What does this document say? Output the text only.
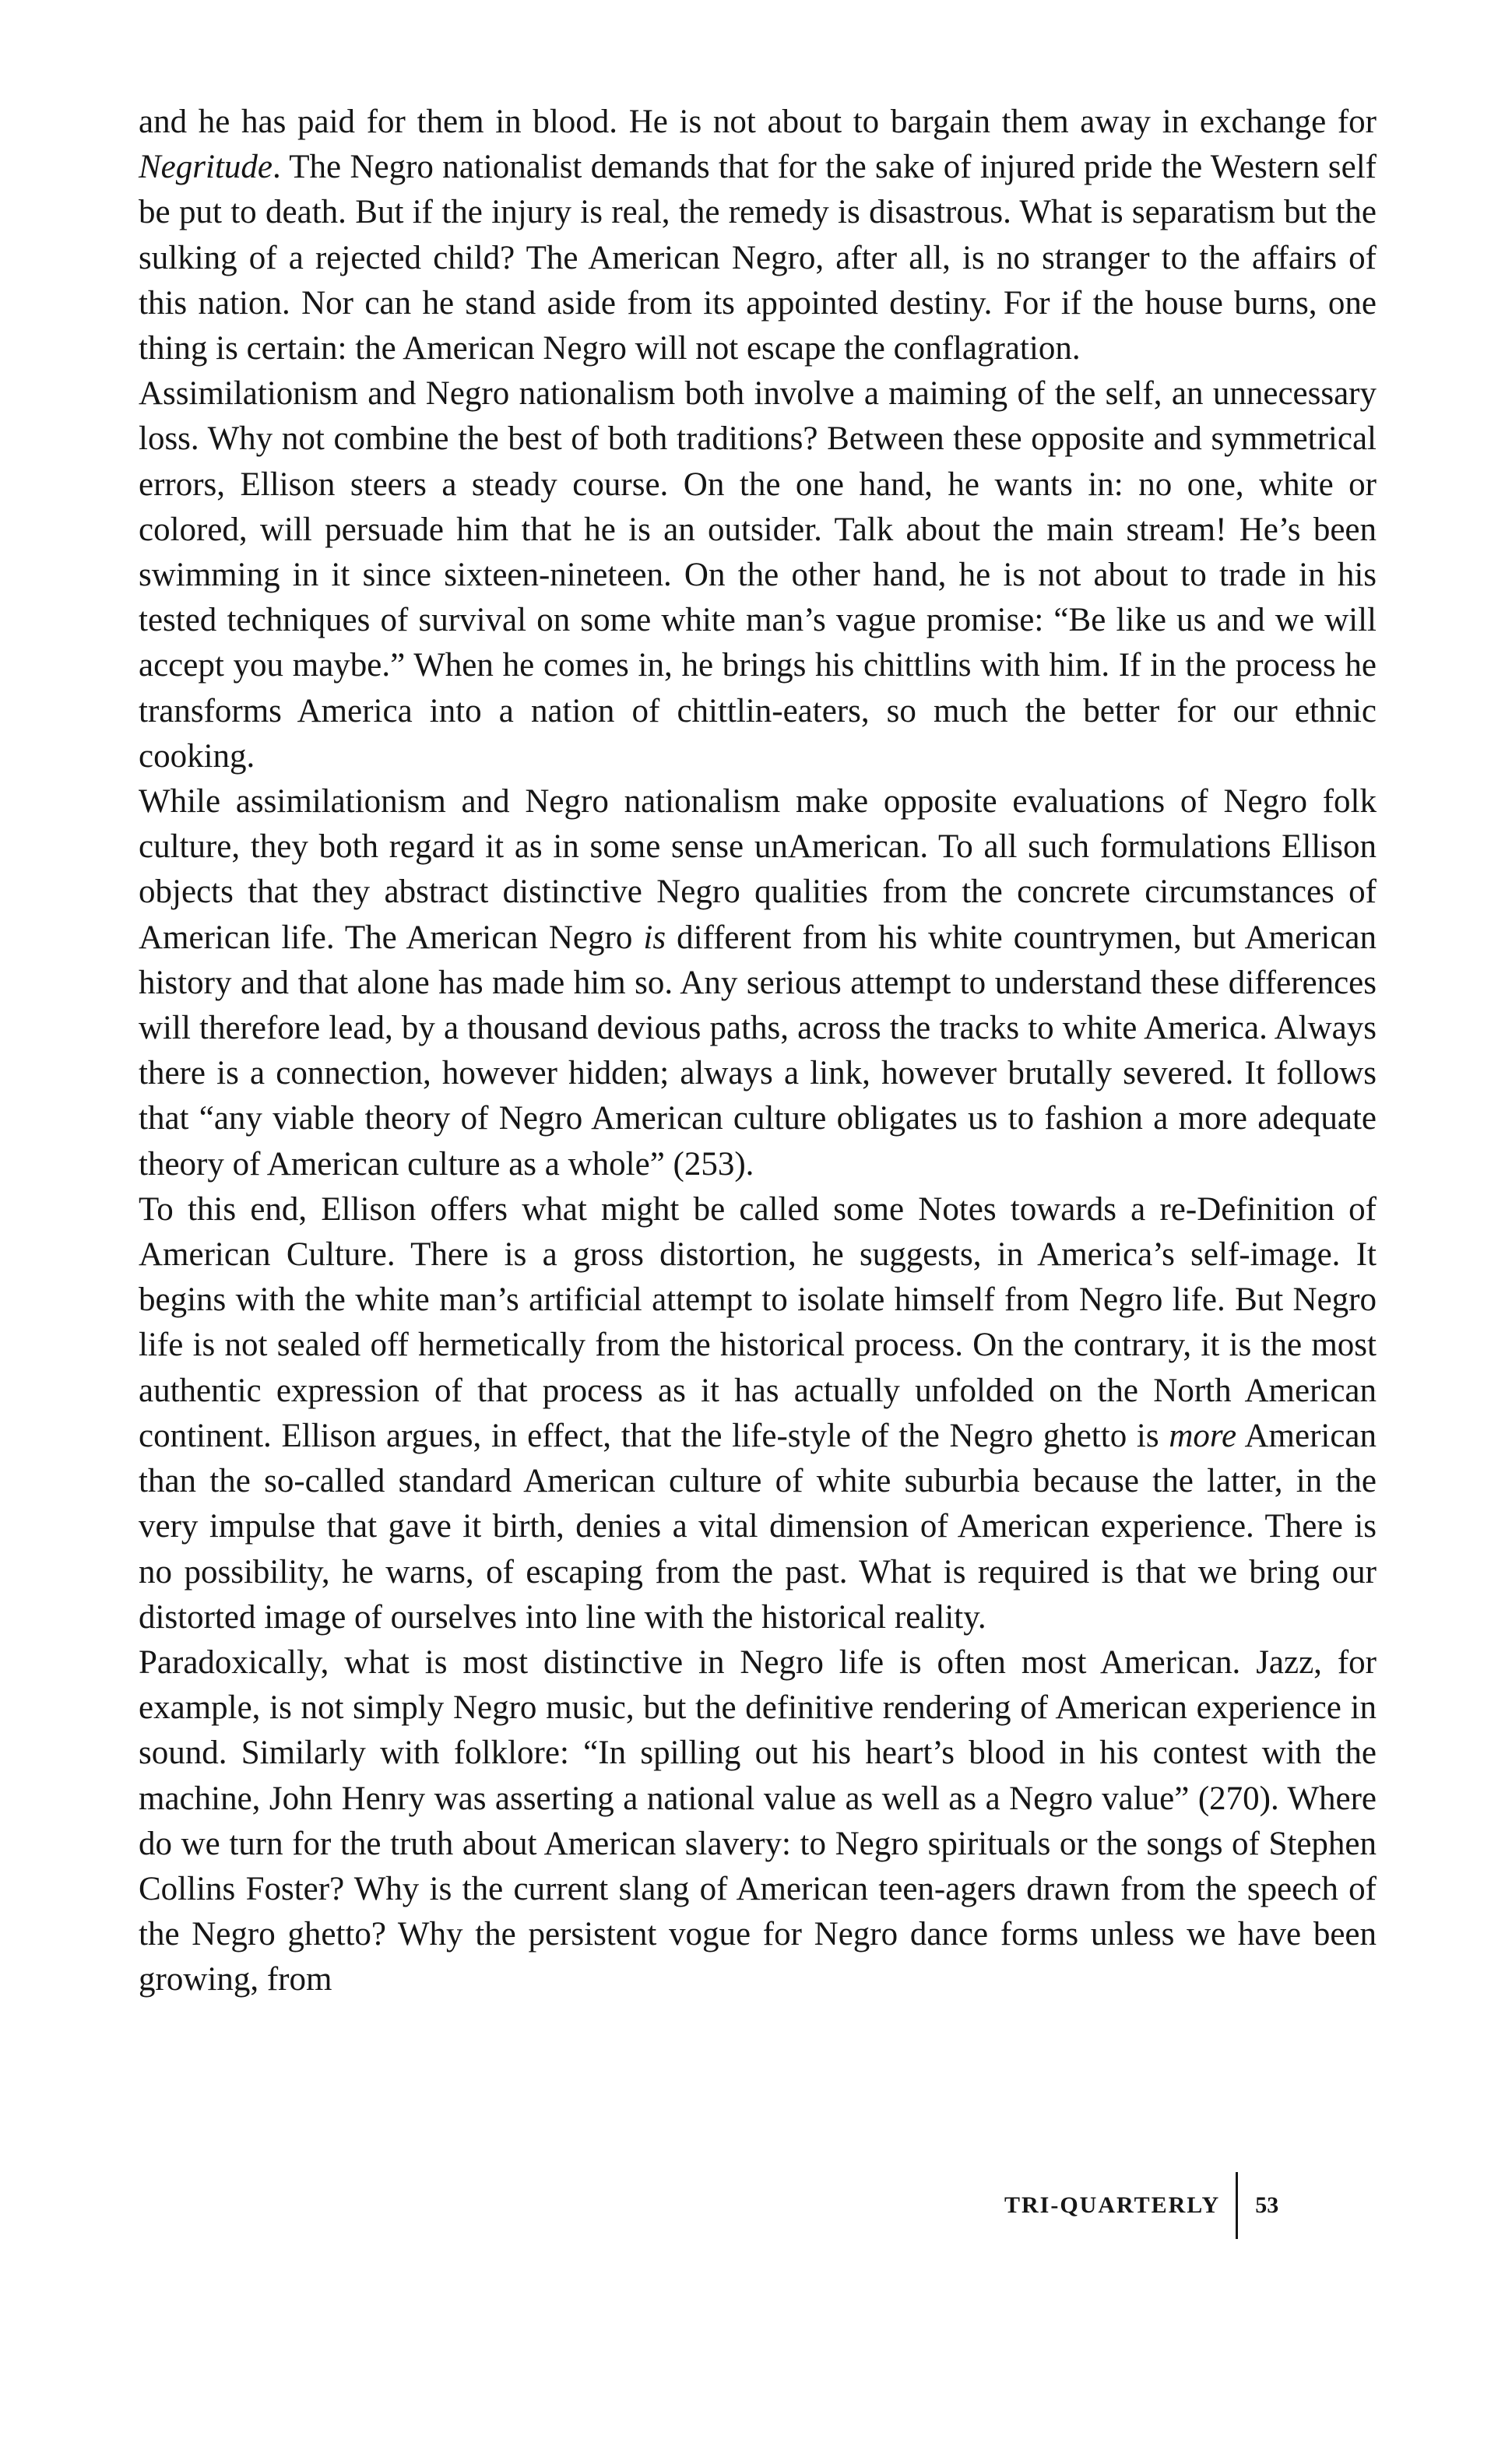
and he has paid for them in blood. He is not about to bargain them away in exchange for Negritude. The Negro nationalist demands that for the sake of injured pride the Western self be put to death. But if the injury is real, the remedy is disastrous. What is separatism but the sulking of a rejected child? The American Negro, after all, is no stranger to the affairs of this nation. Nor can he stand aside from its appointed destiny. For if the house burns, one thing is certain: the American Negro will not escape the conflagration.

Assimilationism and Negro nationalism both involve a maiming of the self, an unnecessary loss. Why not combine the best of both traditions? Between these opposite and symmetrical errors, Ellison steers a steady course. On the one hand, he wants in: no one, white or colored, will persuade him that he is an outsider. Talk about the main stream! He’s been swimming in it since sixteen-nineteen. On the other hand, he is not about to trade in his tested techniques of survival on some white man’s vague promise: “Be like us and we will accept you maybe.” When he comes in, he brings his chittlins with him. If in the process he transforms America into a nation of chittlin-eaters, so much the better for our ethnic cooking.

While assimilationism and Negro nationalism make opposite evaluations of Negro folk culture, they both regard it as in some sense unAmerican. To all such formulations Ellison objects that they abstract distinctive Negro qualities from the concrete circumstances of American life. The American Negro is different from his white countrymen, but American history and that alone has made him so. Any serious attempt to understand these differences will therefore lead, by a thousand devious paths, across the tracks to white America. Always there is a connection, however hidden; always a link, however brutally severed. It follows that “any viable theory of Negro American culture obligates us to fashion a more adequate theory of American culture as a whole” (253).

To this end, Ellison offers what might be called some Notes towards a re-Definition of American Culture. There is a gross distortion, he suggests, in America’s self-image. It begins with the white man’s artificial attempt to isolate himself from Negro life. But Negro life is not sealed off hermetically from the historical process. On the contrary, it is the most authentic expression of that process as it has actually unfolded on the North American continent. Ellison argues, in effect, that the life-style of the Negro ghetto is more American than the so-called standard American culture of white suburbia because the latter, in the very impulse that gave it birth, denies a vital dimension of American experience. There is no possibility, he warns, of escaping from the past. What is required is that we bring our distorted image of ourselves into line with the historical reality.

Paradoxically, what is most distinctive in Negro life is often most American. Jazz, for example, is not simply Negro music, but the definitive rendering of American experience in sound. Similarly with folklore: “In spilling out his heart’s blood in his contest with the machine, John Henry was asserting a national value as well as a Negro value” (270). Where do we turn for the truth about American slavery: to Negro spirituals or the songs of Stephen Collins Foster? Why is the current slang of American teen-agers drawn from the speech of the Negro ghetto? Why the persistent vogue for Negro dance forms unless we have been growing, from

TRI-QUARTERLY 53
